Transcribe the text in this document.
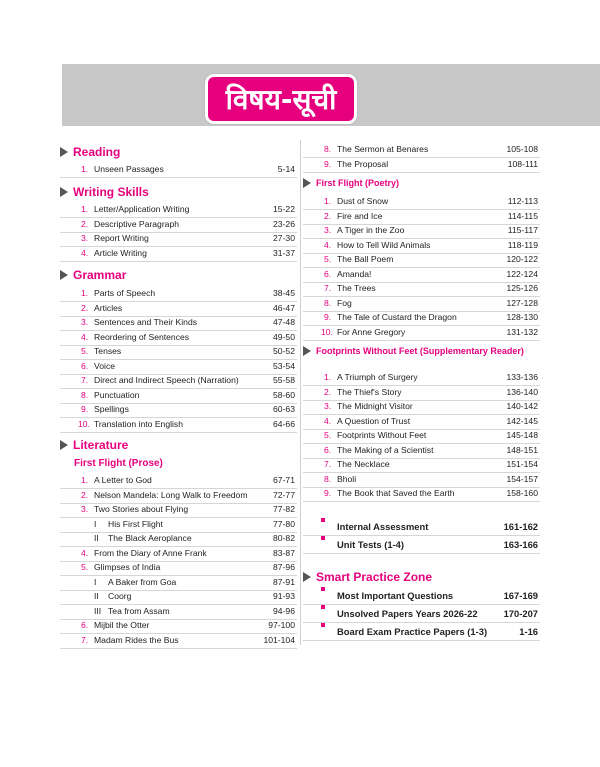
विषय-सूची
Reading
1. Unseen Passages	5-14
Writing Skills
1. Letter/Application Writing	15-22
2. Descriptive Paragraph	23-26
3. Report Writing	27-30
4. Article Writing	31-37
Grammar
1. Parts of Speech	38-45
2. Articles	46-47
3. Sentences and Their Kinds	47-48
4. Reordering of Sentences	49-50
5. Tenses	50-52
6. Voice	53-54
7. Direct and Indirect Speech (Narration)	55-58
8. Punctuation	58-60
9. Spellings	60-63
10. Translation into English	64-66
Literature
First Flight (Prose)
1. A Letter to God	67-71
2. Nelson Mandela: Long Walk to Freedom	72-77
3. Two Stories about Flying	77-82
I His First Flight	77-80
II The Black Aeroplance	80-82
4. From the Diary of Anne Frank	83-87
5. Glimpses of India	87-96
I A Baker from Goa	87-91
II Coorg	91-93
III Tea from Assam	94-96
6. Mijbil the Otter	97-100
7. Madam Rides the Bus	101-104
8. The Sermon at Benares	105-108
9. The Proposal	108-111
First Flight (Poetry)
1. Dust of Snow	112-113
2. Fire and Ice	114-115
3. A Tiger in the Zoo	115-117
4. How to Tell Wild Animals	118-119
5. The Ball Poem	120-122
6. Amanda!	122-124
7. The Trees	125-126
8. Fog	127-128
9. The Tale of Custard the Dragon	128-130
10. For Anne Gregory	131-132
Footprints Without Feet (Supplementary Reader)
1. A Triumph of Surgery	133-136
2. The Thief's Story	136-140
3. The Midnight Visitor	140-142
4. A Question of Trust	142-145
5. Footprints Without Feet	145-148
6. The Making of a Scientist	148-151
7. The Necklace	151-154
8. Bholi	154-157
9. The Book that Saved the Earth	158-160
Internal Assessment	161-162
Unit Tests (1-4)	163-166
Smart Practice Zone
Most Important Questions	167-169
Unsolved Papers Years 2026-22	170-207
Board Exam Practice Papers (1-3)	1-16
